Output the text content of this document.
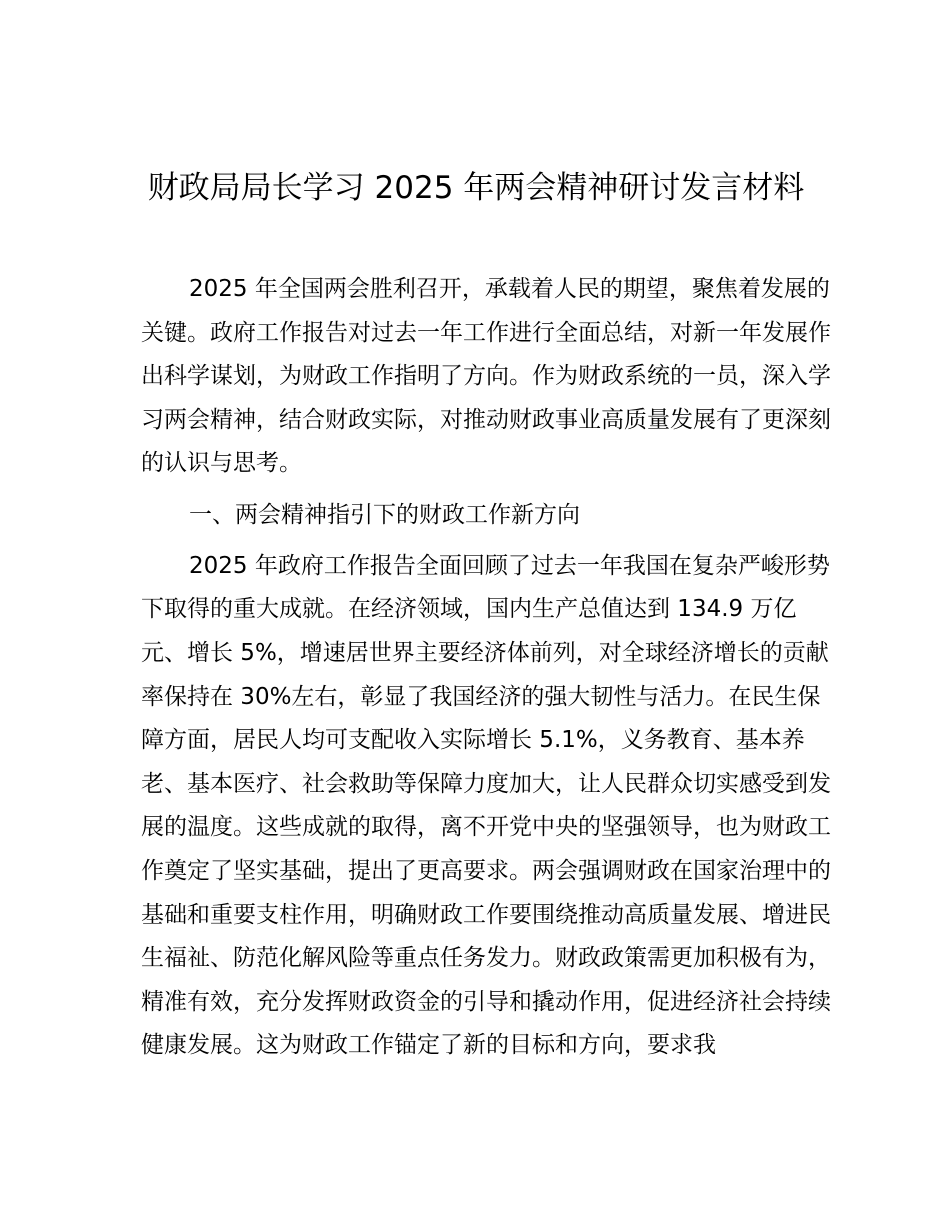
财政局局长学习 2025 年两会精神研讨发言材料

2025 年全国两会胜利召开，承载着人民的期望，聚焦着发展的关键。政府工作报告对过去一年工作进行全面总结，对新一年发展作出科学谋划，为财政工作指明了方向。作为财政系统的一员，深入学习两会精神，结合财政实际，对推动财政事业高质量发展有了更深刻的认识与思考。

一、两会精神指引下的财政工作新方向

2025 年政府工作报告全面回顾了过去一年我国在复杂严峻形势下取得的重大成就。在经济领域，国内生产总值达到 134.9 万亿元、增长 5%，增速居世界主要经济体前列，对全球经济增长的贡献率保持在 30%左右，彰显了我国经济的强大韧性与活力。在民生保障方面，居民人均可支配收入实际增长 5.1%，义务教育、基本养老、基本医疗、社会救助等保障力度加大，让人民群众切实感受到发展的温度。这些成就的取得，离不开党中央的坚强领导，也为财政工作奠定了坚实基础，提出了更高要求。两会强调财政在国家治理中的基础和重要支柱作用，明确财政工作要围绕推动高质量发展、增进民生福祉、防范化解风险等重点任务发力。财政政策需更加积极有为，精准有效，充分发挥财政资金的引导和撬动作用，促进经济社会持续健康发展。这为财政工作锚定了新的目标和方向，要求我
